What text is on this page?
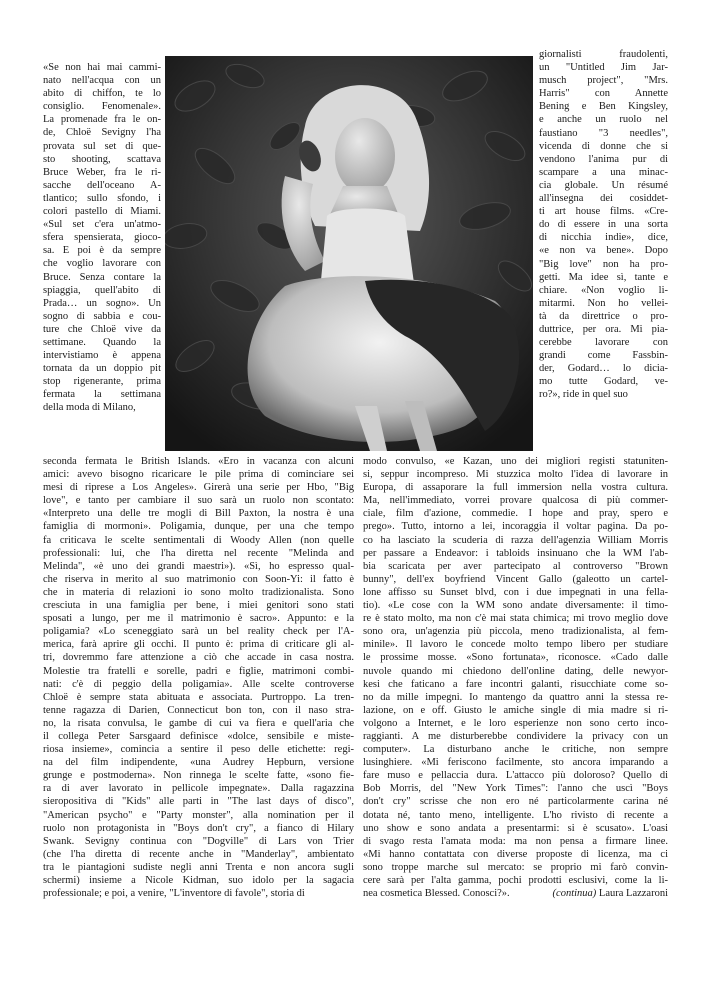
«Se non hai mai cammi-
nato nell'acqua con un
abito di chiffon, te lo
consiglio. Fenomenale».
La promenade fra le on-
de, Chloë Sevigny l'ha
provata sul set di que-
sto shooting, scattava
Bruce Weber, fra le ri-
sacche dell'oceano A-
tlantico; sullo sfondo, i
colori pastello di Miami.
«Sul set c'era un'atmo-
sfera spensierata, gioco-
sa. E poi è da sempre
che voglio lavorare con
Bruce. Senza contare la
spiaggia, quell'abito di
Prada… un sogno». Un
sogno di sabbia e cou-
ture che Chloë vive da
settimane. Quando la
intervistiamo è appena
tornata da un doppio pit
stop rigenerante, prima
fermata la settimana
della moda di Milano,
giornalisti fraudolenti,
un "Untitled Jim Jar-
musch project", "Mrs.
Harris" con Annette
Bening e Ben Kingsley,
e anche un ruolo nel
faustiano "3 needles",
vicenda di donne che si
vendono l'anima pur di
scampare a una minac-
cia globale. Un résumé
all'insegna dei cosiddet-
ti art house films. «Cre-
do di essere in una sorta
di nicchia indie», dice,
«e non va bene». Dopo
"Big love" non ha pro-
getti. Ma idee sì, tante e
chiare. «Non voglio li-
mitarmi. Non ho vellei-
tà da direttrice o pro-
duttrice, per ora. Mi pia-
cerebbe lavorare con
grandi come Fassbin-
der, Godard… lo dicia-
mo tutte Godard, ve-
ro?», ride in quel suo
seconda fermata le British Islands. «Ero in vacanza con alcuni
amici: avevo bisogno ricaricare le pile prima di cominciare sei
mesi di riprese a Los Angeles». Girerà una serie per Hbo, "Big
love", e tanto per cambiare il suo sarà un ruolo non scontato:
«Interpreto una delle tre mogli di Bill Paxton, la nostra è una
famiglia di mormoni». Poligamia, dunque, per una che tempo
fa criticava le scelte sentimentali di Woody Allen (non quelle
professionali: lui, che l'ha diretta nel recente "Melinda and
Melinda", «è uno dei grandi maestri»). «Sì, ho espresso qual-
che riserva in merito al suo matrimonio con Soon-Yi: il fatto è
che in materia di relazioni io sono molto tradizionalista. Sono
cresciuta in una famiglia per bene, i miei genitori sono stati
sposati a lungo, per me il matrimonio è sacro». Appunto: e la
poligamia? «Lo sceneggiato sarà un bel reality check per l'A-
merica, farà aprire gli occhi. Il punto è: prima di criticare gli al-
tri, dovremmo fare attenzione a ciò che accade in casa nostra.
Molestie tra fratelli e sorelle, padri e figlie, matrimoni combi-
nati: c'è di peggio della poligamia». Alle scelte controverse
Chloë è sempre stata abituata e associata. Purtroppo. La tren-
tenne ragazza di Darien, Connecticut bon ton, con il naso stra-
no, la risata convulsa, le gambe di cui va fiera e quell'aria che
il collega Peter Sarsgaard definisce «dolce, sensibile e miste-
riosa insieme», comincia a sentire il peso delle etichette: regi-
na del film indipendente, «una Audrey Hepburn, versione
grunge e postmoderna». Non rinnega le scelte fatte, «sono fie-
ra di aver lavorato in pellicole impegnate». Dalla ragazzina
sieropositiva di "Kids" alle parti in "The last days of disco",
"American psycho" e "Party monster", alla nomination per il
ruolo non protagonista in "Boys don't cry", a fianco di Hilary
Swank. Sevigny continua con "Dogville" di Lars von Trier
(che l'ha diretta di recente anche in "Manderlay", ambientato
tra le piantagioni sudiste negli anni Trenta e non ancora sugli
schermi) insieme a Nicole Kidman, suo idolo per la sagacia
professionale; e poi, a venire, "L'inventore di favole", storia di
modo convulso, «e Kazan, uno dei migliori registi statuniten-
si, seppur incompreso. Mi stuzzica molto l'idea di lavorare in
Europa, di assaporare la full immersion nella vostra cultura.
Ma, nell'immediato, vorrei provare qualcosa di più commer-
ciale, film d'azione, commedie. I hope and pray, spero e
prego». Tutto, intorno a lei, incoraggia il voltar pagina. Da po-
co ha lasciato la scuderia di razza dell'agenzia William Morris
per passare a Endeavor: i tabloids insinuano che la WM l'ab-
bia scaricata per aver partecipato al controverso "Brown
bunny", dell'ex boyfriend Vincent Gallo (galeotto un cartel-
lone affisso su Sunset blvd, con i due impegnati in una fella-
tio). «Le cose con la WM sono andate diversamente: il timo-
re è stato molto, ma non c'è mai stata chimica; mi trovo meglio dove
sono ora, un'agenzia più piccola, meno tradizionalista, al fem-
minile». Il lavoro le concede molto tempo libero per studiare
le prossime mosse. «Sono fortunata», riconosce. «Cado dalle
nuvole quando mi chiedono dell'online dating, delle newyor-
kesi che faticano a fare incontri galanti, risucchiate come so-
no da mille impegni. Io mantengo da quattro anni la stessa re-
lazione, on e off. Giusto le amiche single di mia madre si ri-
volgono a Internet, e le loro esperienze non sono certo inco-
raggianti. A me disturberebbe condividere la privacy con un
computer». La disturbano anche le critiche, non sempre
lusinghiere. «Mi feriscono facilmente, sto ancora imparando a
fare muso e pellaccia dura. L'attacco più doloroso? Quello di
Bob Morris, del "New York Times": l'anno che uscì "Boys
don't cry" scrisse che non ero né particolarmente carina né
dotata né, tanto meno, intelligente. L'ho rivisto di recente a
uno show e sono andata a presentarmi: si è scusato». L'oasi
di svago resta l'amata moda: ma non pensa a firmare linee.
«Mi hanno contattata con diverse proposte di licenza, ma ci
sono troppe marche sul mercato: se proprio mi farò convin-
cere sarà per l'alta gamma, pochi prodotti esclusivi, come la li-
nea cosmetica Blessed. Conosci?».	(continua) Laura Lazzaroni
